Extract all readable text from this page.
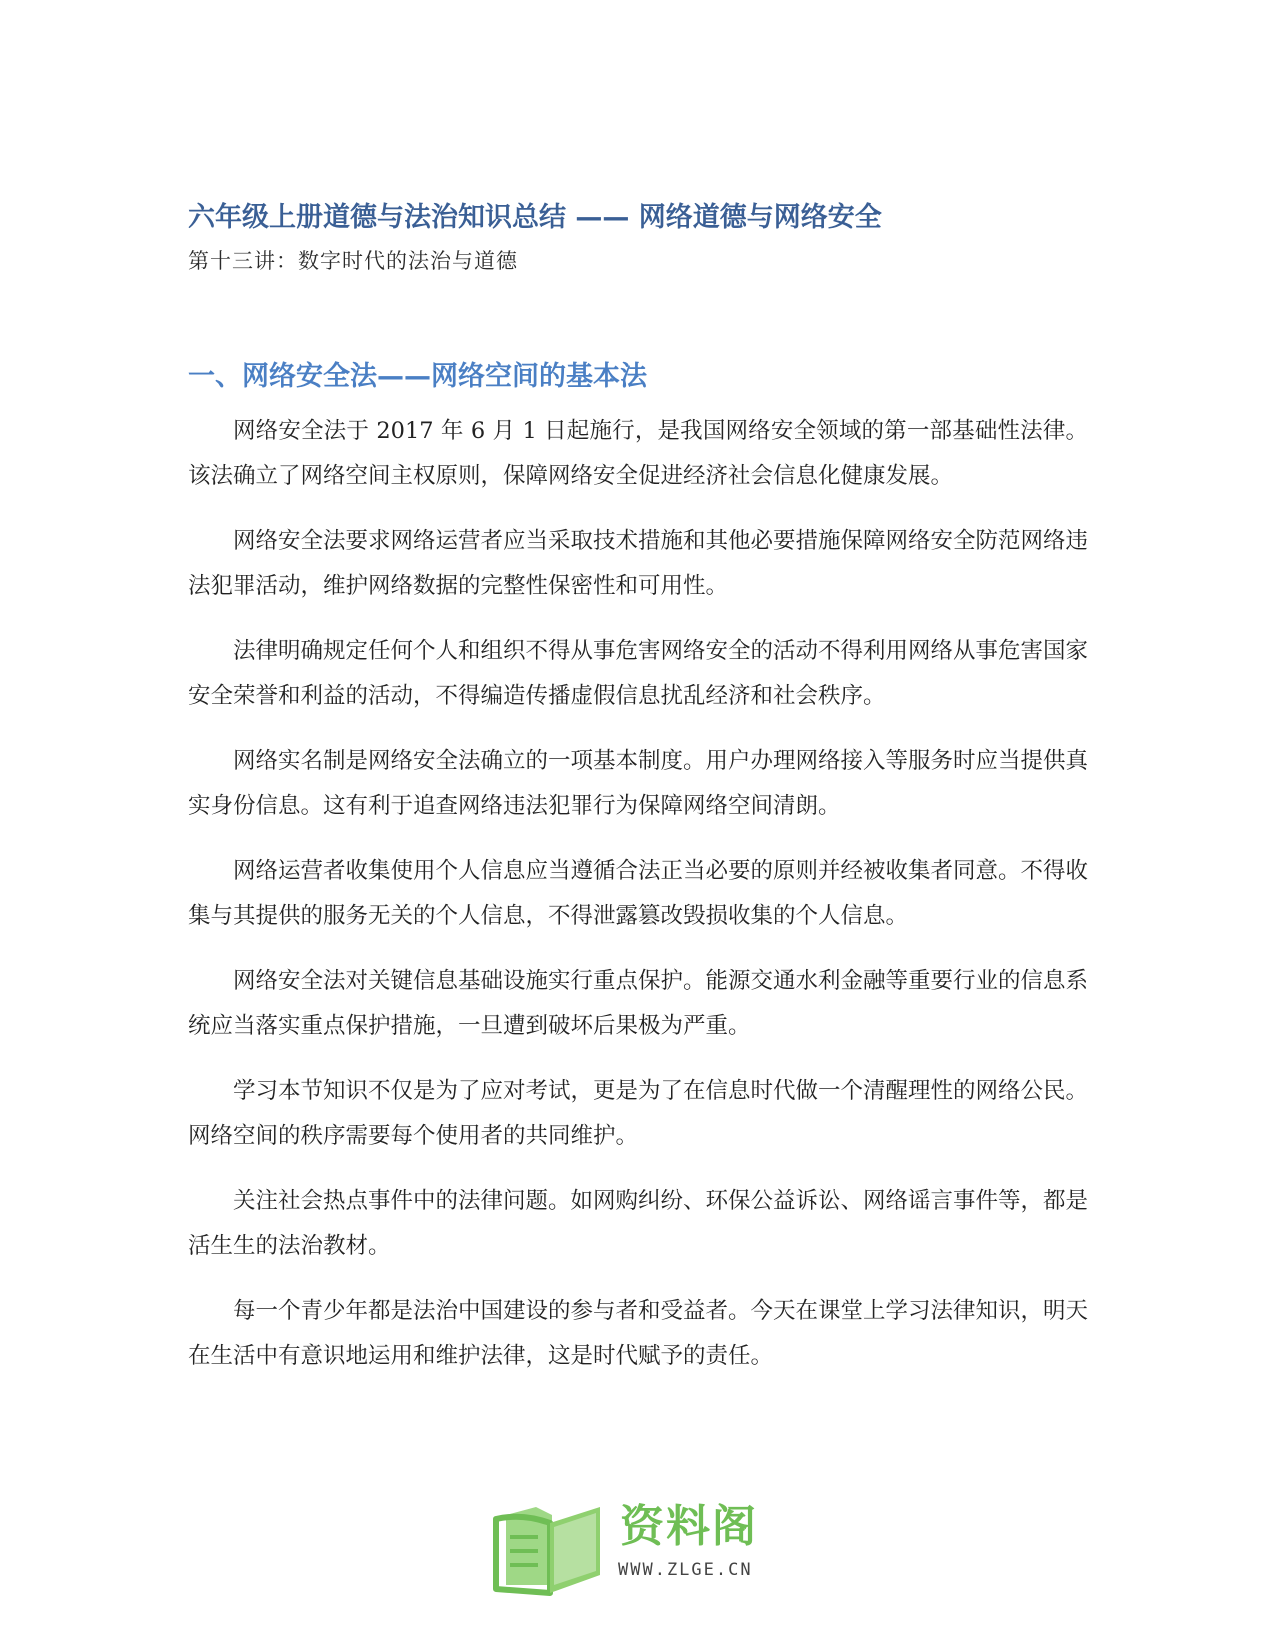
六年级上册道德与法治知识总结 —— 网络道德与网络安全

第十三讲：数字时代的法治与道德

一、网络安全法——网络空间的基本法

网络安全法于 2017 年 6 月 1 日起施行，是我国网络安全领域的第一部基础性法律。该法确立了网络空间主权原则，保障网络安全促进经济社会信息化健康发展。

网络安全法要求网络运营者应当采取技术措施和其他必要措施保障网络安全防范网络违法犯罪活动，维护网络数据的完整性保密性和可用性。

法律明确规定任何个人和组织不得从事危害网络安全的活动不得利用网络从事危害国家安全荣誉和利益的活动，不得编造传播虚假信息扰乱经济和社会秩序。

网络实名制是网络安全法确立的一项基本制度。用户办理网络接入等服务时应当提供真实身份信息。这有利于追查网络违法犯罪行为保障网络空间清朗。

网络运营者收集使用个人信息应当遵循合法正当必要的原则并经被收集者同意。不得收集与其提供的服务无关的个人信息，不得泄露篡改毁损收集的个人信息。

网络安全法对关键信息基础设施实行重点保护。能源交通水利金融等重要行业的信息系统应当落实重点保护措施，一旦遭到破坏后果极为严重。

学习本节知识不仅是为了应对考试，更是为了在信息时代做一个清醒理性的网络公民。网络空间的秩序需要每个使用者的共同维护。

关注社会热点事件中的法律问题。如网购纠纷、环保公益诉讼、网络谣言事件等，都是活生生的法治教材。

每一个青少年都是法治中国建设的参与者和受益者。今天在课堂上学习法律知识，明天在生活中有意识地运用和维护法律，这是时代赋予的责任。

资料阁

WWW.ZLGE.CN
